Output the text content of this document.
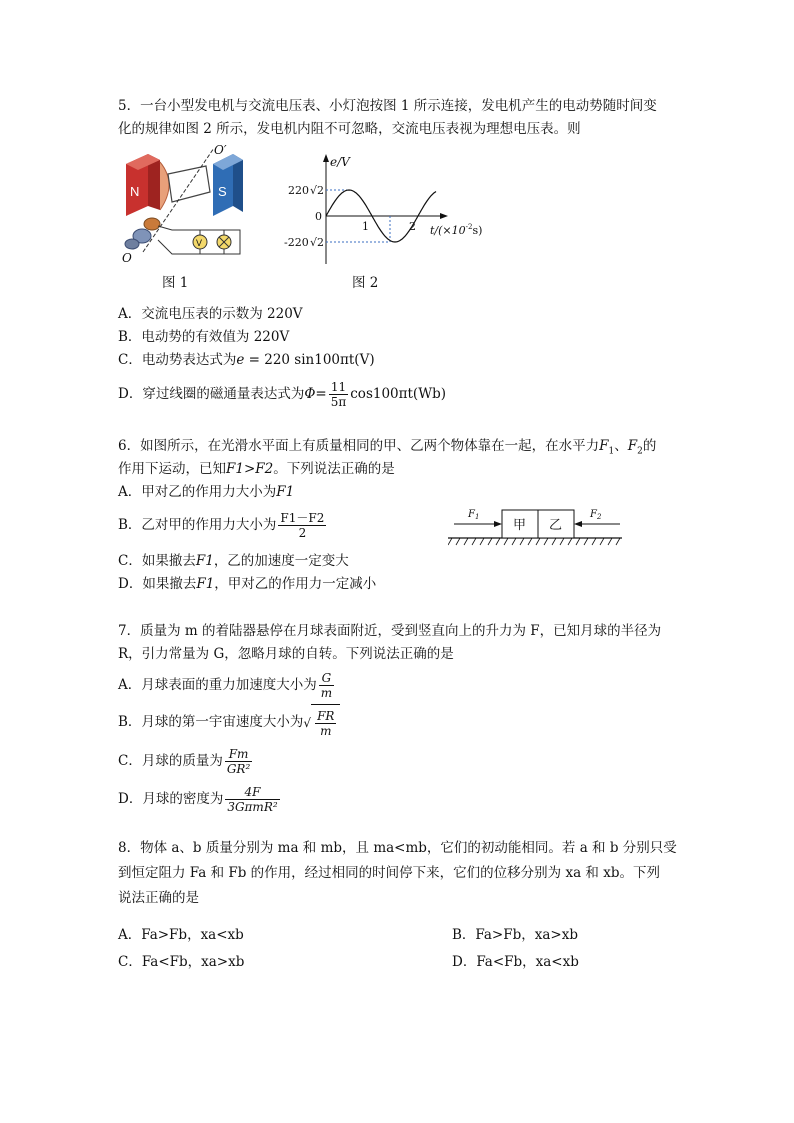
5．一台小型发电机与交流电压表、小灯泡按图 1 所示连接，发电机产生的电动势随时间变
化的规律如图 2 所示，发电机内阻不可忽略，交流电压表视为理想电压表。则
N	S
V
O′
O
图 1
e/V
220 √ 2
0
-220 √ 2
1	2 $t/(\times 10^{-2}s)$
图 2
A．交流电压表的示数为 220V
B．电动势的有效值为 220V
C．电动势表达式为e = 220 sin100πt(V)
D．穿过线圈的磁通量表达式为$\Phi= \frac{11}{5\pi} \cos 100\pi t(Wb)$
6．如图所示，在光滑水平面上有质量相同的甲、乙两个物体靠在一起，在水平力$F_1$、$F_2$的
作用下运动，已知F1>F2。下列说法正确的是
A．甲对乙的作用力大小为F1
B．乙对甲的作用力大小为 $\frac{F1-F2}{2}$
C．如果撤去F1，乙的加速度一定变大
D．如果撤去F1，甲对乙的作用力一定减小
甲 乙
$F_1$	$F_2$
7．质量为 m 的着陆器悬停在月球表面附近，受到竖直向上的升力为 F，已知月球的半径为
R，引力常量为 G，忽略月球的自转。下列说法正确的是
A．月球表面的重力加速度大小为 $\frac{G}{m}$
B．月球的第一宇宙速度大小为√ $\frac{FR}{m}$
C．月球的质量为 $\frac{Fm}{\text{GR²}}$
D．月球的密度为 $\frac{4F}{\text{3GπmR²}}$
8．物体 a、b 质量分别为 ma 和 mb，且 ma<mb，它们的初动能相同。若 a 和 b 分别只受
到恒定阻力 Fa 和 Fb 的作用，经过相同的时间停下来，它们的位移分别为 xa 和 xb。下列
说法正确的是
A．Fa>Fb，xa<xb	B．Fa>Fb，xa>xb
C．Fa<Fb，xa>xb	D．Fa<Fb，xa<xb
